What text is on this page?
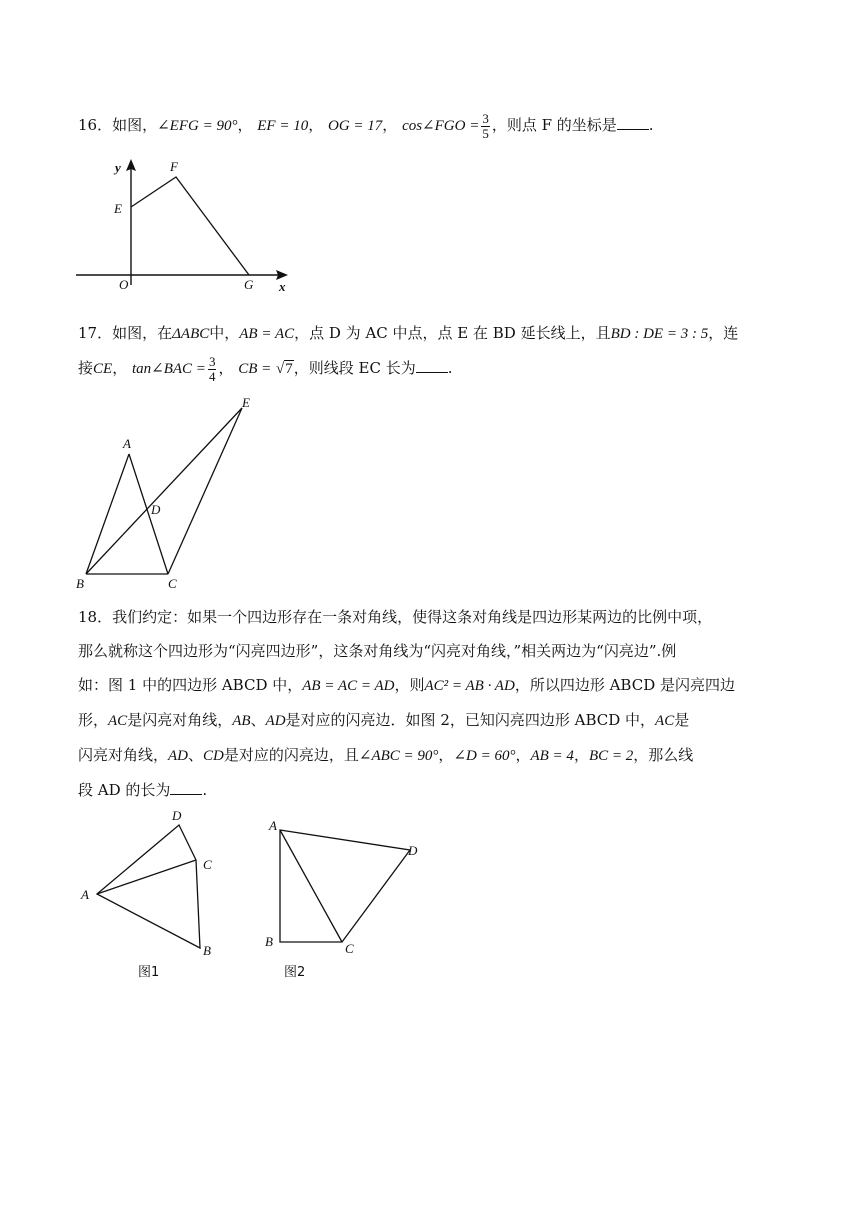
16．如图，∠EFG = 90°， EF = 10， OG = 17， cos∠FGO = $\frac{3}{5}$ ，则点 F 的坐标是 .

y	F
E
O	G x

17．如图，在ΔABC中，AB = AC，点 D 为 AC 中点，点 E 在 BD 延长线上，且BD : DE = 3 : 5，连

接CE， tan∠BAC = $\frac{3}{4}$ ， CB = √7，则线段 EC 长为 .

A
D
B	C
E

18．我们约定：如果一个四边形存在一条对角线，使得这条对角线是四边形某两边的比例中项，

那么就称这个四边形为“闪亮四边形”，这条对角线为“闪亮对角线，”相关两边为“闪亮边”.例

如：图 1 中的四边形 ABCD 中，AB = AC = AD，则AC² = AB · AD，所以四边形 ABCD 是闪亮四边

形，AC是闪亮对角线，AB、AD是对应的闪亮边．如图 2，已知闪亮四边形 ABCD 中，AC是

闪亮对角线，AD、CD是对应的闪亮边，且∠ABC = 90°，∠D = 60°，AB = 4，BC = 2，那么线

段 AD 的长为 .

D
C
A
B
图1
A
D
B	C
图2
